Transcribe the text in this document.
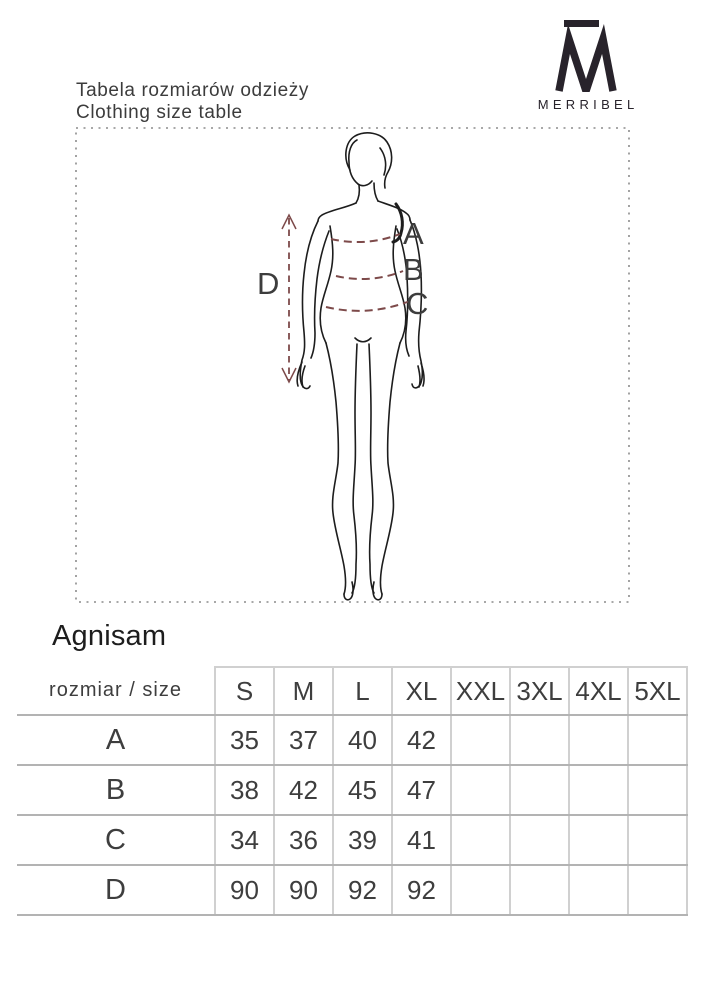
Tabela rozmiarów odzieży
Clothing size table	MERRIBEL
A
B
C
D
Agnisam
rozmiar / size	S	M	L	XL	XXL	3XL	4XL	5XL
A	35	37	40	42				
B	38	42	45	47				
C	34	36	39	41				
D	90	90	92	92				
